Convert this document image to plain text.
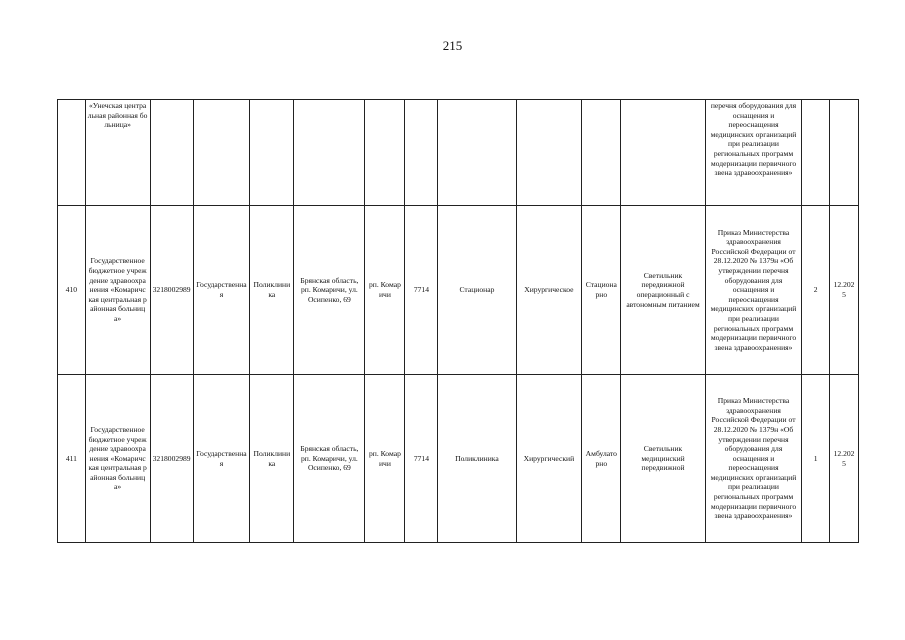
215
	«Унечская центральная районная больница»											перечня оборудования для оснащения и переоснащения медицинских организаций при реализации региональных программ модернизации первичного звена здравоохранения»		
410	Государственное бюджетное учреждение здравоохранения «Комаричская центральная районная больница»	3218002989	Государственная	Поликлиника	Брянская область, рп. Комаричи, ул. Осипенко, 69	рп. Комаричи	7714	Стационар	Хирургическое	Стационарно	Светильник передвижной операционный с автономным питанием	Приказ Министерства здравоохранения Российской Федерации от 28.12.2020 № 1379н «Об утверждении перечня оборудования для оснащения и переоснащения медицинских организаций при реализации региональных программ модернизации первичного звена здравоохранения»	2	12.2025
411	Государственное бюджетное учреждение здравоохранения «Комаричская центральная районная больница»	3218002989	Государственная	Поликлиника	Брянская область, рп. Комаричи, ул. Осипенко, 69	рп. Комаричи	7714	Поликлиника	Хирургический	Амбулаторно	Светильник медицинский передвижной	Приказ Министерства здравоохранения Российской Федерации от 28.12.2020 № 1379н «Об утверждении перечня оборудования для оснащения и переоснащения медицинских организаций при реализации региональных программ модернизации первичного звена здравоохранения»	1	12.2025
